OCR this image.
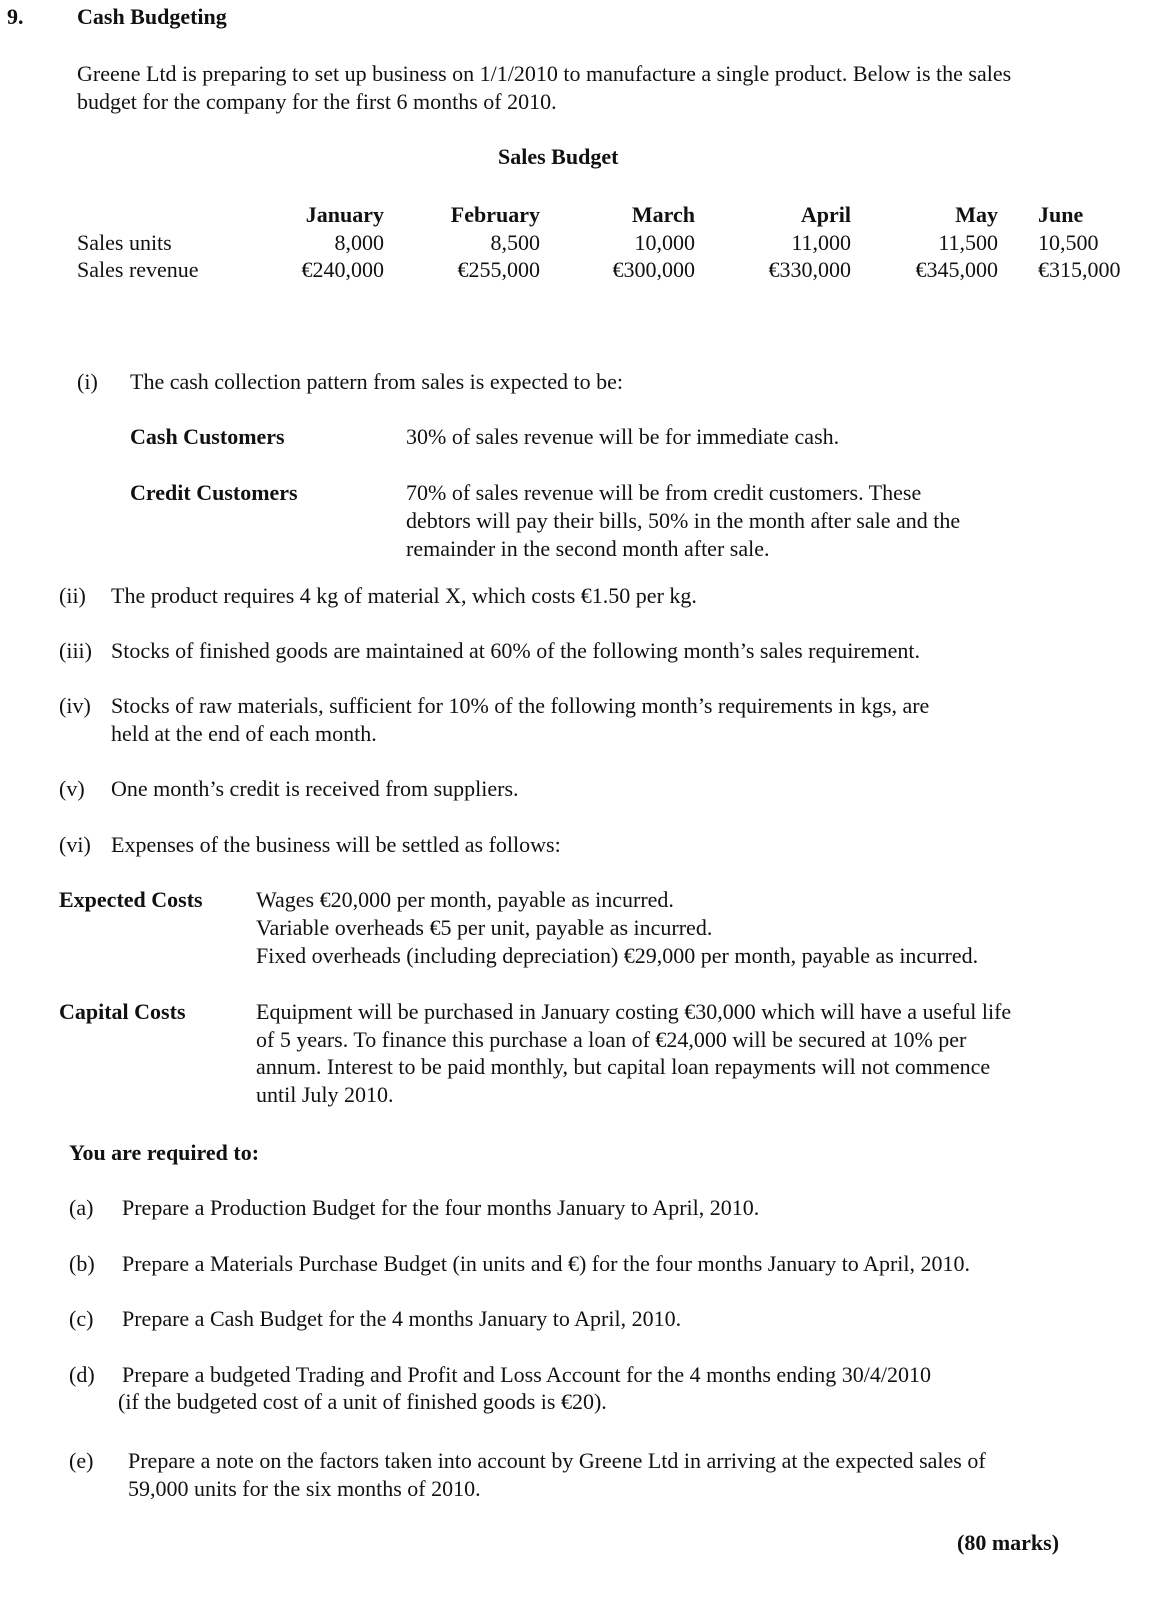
9. Cash Budgeting
Greene Ltd is preparing to set up business on 1/1/2010 to manufacture a single product. Below is the sales
budget for the company for the first 6 months of 2010.
Sales Budget
January	February	March	April	May June
Sales units	8,000	8,500	10,000	11,000	11,500 10,500
Sales revenue	€240,000	€255,000	€300,000	€330,000	€345,000 €315,000
(i) The cash collection pattern from sales is expected to be:
Cash Customers	30% of sales revenue will be for immediate cash.
Credit Customers	70% of sales revenue will be from credit customers. These
debtors will pay their bills, 50% in the month after sale and the
remainder in the second month after sale.
(ii) The product requires 4 kg of material X, which costs €1.50 per kg.
(iii) Stocks of finished goods are maintained at 60% of the following month’s sales requirement.
(iv) Stocks of raw materials, sufficient for 10% of the following month’s requirements in kgs, are
held at the end of each month.
(v) One month’s credit is received from suppliers.
(vi) Expenses of the business will be settled as follows:
Expected Costs Wages €20,000 per month, payable as incurred.
Variable overheads €5 per unit, payable as incurred.
Fixed overheads (including depreciation) €29,000 per month, payable as incurred.
Capital Costs	Equipment will be purchased in January costing €30,000 which will have a useful life
of 5 years. To finance this purchase a loan of €24,000 will be secured at 10% per
annum. Interest to be paid monthly, but capital loan repayments will not commence
until July 2010.
You are required to:
(a) Prepare a Production Budget for the four months January to April, 2010.
(b) Prepare a Materials Purchase Budget (in units and €) for the four months January to April, 2010.
(c) Prepare a Cash Budget for the 4 months January to April, 2010.
(d) Prepare a budgeted Trading and Profit and Loss Account for the 4 months ending 30/4/2010
(if the budgeted cost of a unit of finished goods is €20).
(e) Prepare a note on the factors taken into account by Greene Ltd in arriving at the expected sales of
59,000 units for the six months of 2010.
(80 marks)
